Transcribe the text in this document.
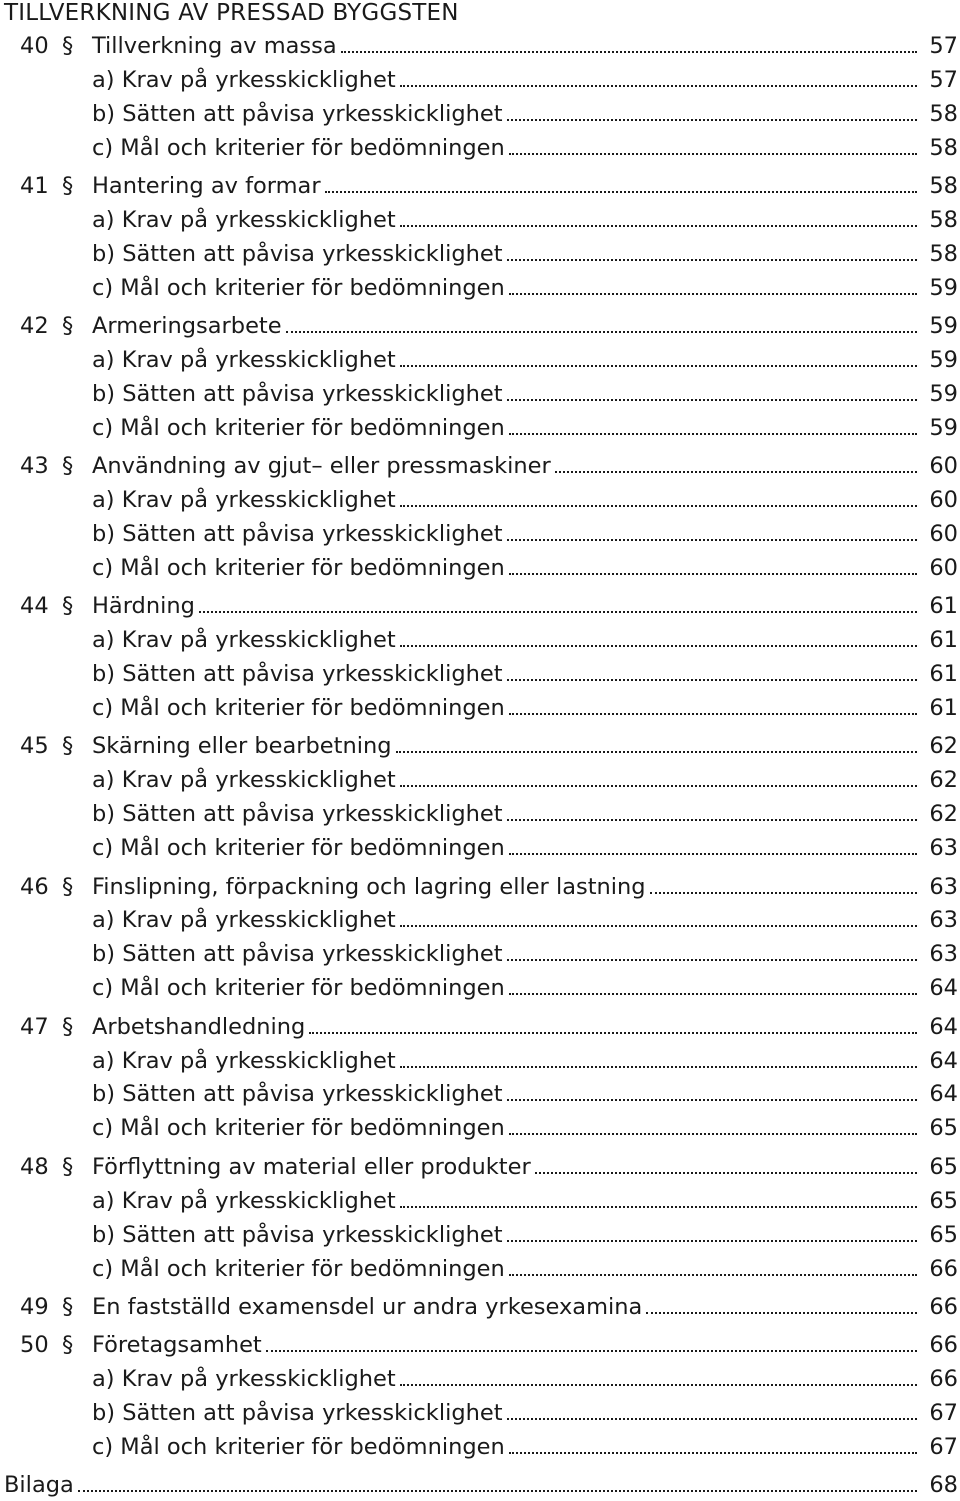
TILLVERKNING AV PRESSAD BYGGSTEN
40 § Tillverkning av massa	57
a) Krav på yrkesskicklighet	57
b) Sätten att påvisa yrkesskicklighet	58
c) Mål och kriterier för bedömningen	58
41 § Hantering av formar	58
a) Krav på yrkesskicklighet	58
b) Sätten att påvisa yrkesskicklighet	58
c) Mål och kriterier för bedömningen	59
42 § Armeringsarbete	59
a) Krav på yrkesskicklighet	59
b) Sätten att påvisa yrkesskicklighet	59
c) Mål och kriterier för bedömningen	59
43 § Användning av gjut– eller pressmaskiner	60
a) Krav på yrkesskicklighet	60
b) Sätten att påvisa yrkesskicklighet	60
c) Mål och kriterier för bedömningen	60
44 § Härdning	61
a) Krav på yrkesskicklighet	61
b) Sätten att påvisa yrkesskicklighet	61
c) Mål och kriterier för bedömningen	61
45 § Skärning eller bearbetning	62
a) Krav på yrkesskicklighet	62
b) Sätten att påvisa yrkesskicklighet	62
c) Mål och kriterier för bedömningen	63
46 § Finslipning, förpackning och lagring eller lastning	63
a) Krav på yrkesskicklighet	63
b) Sätten att påvisa yrkesskicklighet	63
c) Mål och kriterier för bedömningen	64
47 § Arbetshandledning	64
a) Krav på yrkesskicklighet	64
b) Sätten att påvisa yrkesskicklighet	64
c) Mål och kriterier för bedömningen	65
48 § Förflyttning av material eller produkter	65
a) Krav på yrkesskicklighet	65
b) Sätten att påvisa yrkesskicklighet	65
c) Mål och kriterier för bedömningen	66
49 § En fastställd examensdel ur andra yrkesexamina	66
50 § Företagsamhet	66
a) Krav på yrkesskicklighet	66
b) Sätten att påvisa yrkesskicklighet	67
c) Mål och kriterier för bedömningen	67
Bilaga	68
